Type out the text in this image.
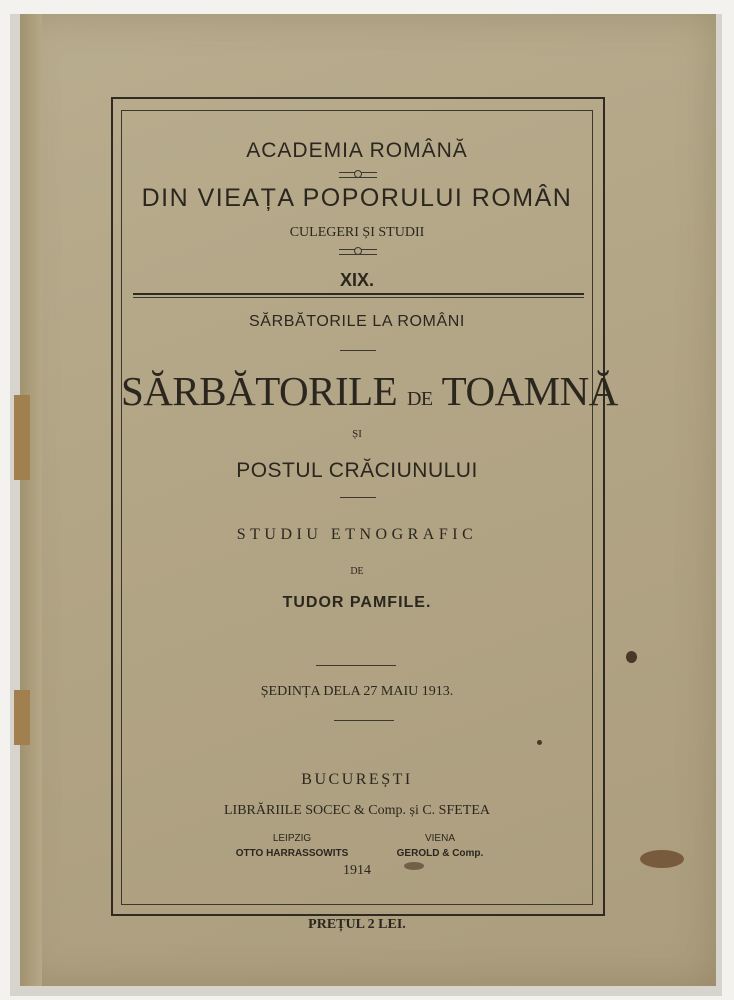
ACADEMIA ROMÂNĂ

DIN VIEAȚA POPORULUI ROMÂN

CULEGERI ȘI STUDII

XIX.

SĂRBĂTORILE LA ROMÂNI

SĂRBĂTORILE DE TOAMNĂ

ȘI

POSTUL CRĂCIUNULUI

STUDIU ETNOGRAFIC

DE

TUDOR PAMFILE.

ȘEDINȚA DELA 27 MAIU 1913.

BUCUREȘTI

LIBRĂRIILE SOCEC & Comp. și C. SFETEA

LEIPZIG
OTTO HARRASSOWITS
VIENA
GEROLD & Comp.

1914

PREȚUL 2 LEI.
